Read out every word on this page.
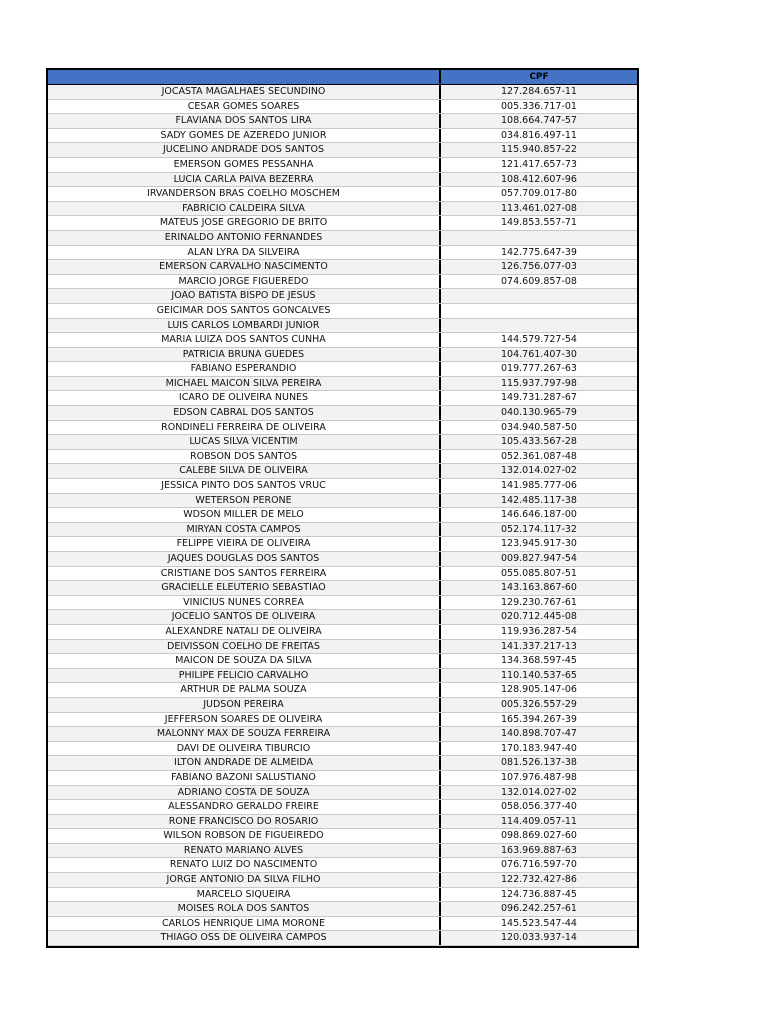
CPF
JOCASTA MAGALHAES SECUNDINO	127.284.657-11
CESAR GOMES SOARES	005.336.717-01
FLAVIANA DOS SANTOS LIRA	108.664.747-57
SADY GOMES DE AZEREDO JUNIOR	034.816.497-11
JUCELINO ANDRADE DOS SANTOS	115.940.857-22
EMERSON GOMES PESSANHA	121.417.657-73
LUCIA CARLA PAIVA BEZERRA	108.412.607-96
IRVANDERSON BRAS COELHO MOSCHEM	057.709.017-80
FABRICIO CALDEIRA SILVA	113.461.027-08
MATEUS JOSE GREGORIO DE BRITO	149.853.557-71
ERINALDO ANTONIO FERNANDES
ALAN LYRA DA SILVEIRA	142.775.647-39
EMERSON CARVALHO NASCIMENTO	126.756.077-03
MARCIO JORGE FIGUEREDO	074.609.857-08
JOAO BATISTA BISPO DE JESUS
GEICIMAR DOS SANTOS GONCALVES
LUIS CARLOS LOMBARDI JUNIOR
MARIA LUIZA DOS SANTOS CUNHA	144.579.727-54
PATRICIA BRUNA GUEDES	104.761.407-30
FABIANO ESPERANDIO	019.777.267-63
MICHAEL MAICON SILVA PEREIRA	115.937.797-98
ICARO DE OLIVEIRA NUNES	149.731.287-67
EDSON CABRAL DOS SANTOS	040.130.965-79
RONDINELI FERREIRA DE OLIVEIRA	034.940.587-50
LUCAS SILVA VICENTIM	105.433.567-28
ROBSON DOS SANTOS	052.361.087-48
CALEBE SILVA DE OLIVEIRA	132.014.027-02
JESSICA PINTO DOS SANTOS VRUC	141.985.777-06
WETERSON PERONE	142.485.117-38
WDSON MILLER DE MELO	146.646.187-00
MIRYAN COSTA CAMPOS	052.174.117-32
FELIPPE VIEIRA DE OLIVEIRA	123.945.917-30
JAQUES DOUGLAS DOS SANTOS	009.827.947-54
CRISTIANE DOS SANTOS FERREIRA	055.085.807-51
GRACIELLE ELEUTERIO SEBASTIAO	143.163.867-60
VINICIUS NUNES CORREA	129.230.767-61
JOCELIO SANTOS DE OLIVEIRA	020.712.445-08
ALEXANDRE NATALI DE OLIVEIRA	119.936.287-54
DEIVISSON COELHO DE FREITAS	141.337.217-13
MAICON DE SOUZA DA SILVA	134.368.597-45
PHILIPE FELICIO CARVALHO	110.140.537-65
ARTHUR DE PALMA SOUZA	128.905.147-06
JUDSON PEREIRA	005.326.557-29
JEFFERSON SOARES DE OLIVEIRA	165.394.267-39
MALONNY MAX DE SOUZA FERREIRA	140.898.707-47
DAVI DE OLIVEIRA TIBURCIO	170.183.947-40
ILTON ANDRADE DE ALMEIDA	081.526.137-38
FABIANO BAZONI SALUSTIANO	107.976.487-98
ADRIANO COSTA DE SOUZA	132.014.027-02
ALESSANDRO GERALDO FREIRE	058.056.377-40
RONE FRANCISCO DO ROSARIO	114.409.057-11
WILSON ROBSON DE FIGUEIREDO	098.869.027-60
RENATO MARIANO ALVES	163.969.887-63
RENATO LUIZ DO NASCIMENTO	076.716.597-70
JORGE ANTONIO DA SILVA FILHO	122.732.427-86
MARCELO SIQUEIRA	124.736.887-45
MOISES ROLA DOS SANTOS	096.242.257-61
CARLOS HENRIQUE LIMA MORONE	145.523.547-44
THIAGO OSS DE OLIVEIRA CAMPOS	120.033.937-14
